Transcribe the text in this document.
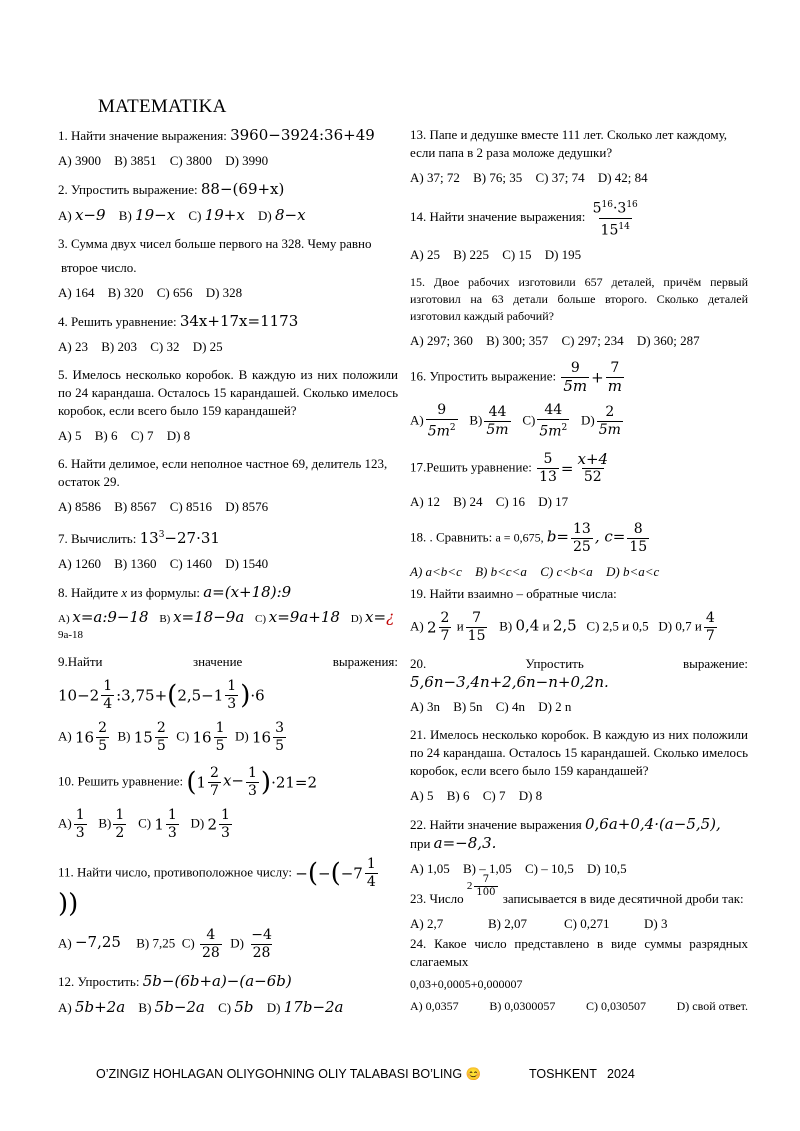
MATEMATIKA
1. Найти значение выражения: 3960−3924:36+49
A) 3900 B) 3851 C) 3800 D) 3990
2. Упростить выражение: 88−(69+x)
A) x−9 B) 19−x C) 19+x D) 8−x
3. Сумма двух чисел больше первого на 328. Чему равно
второе число.
A) 164 B) 320 C) 656 D) 328
4. Решить уравнение: 34x+17x=1173
A) 23 B) 203 C) 32 D) 25
5. Имелось несколько коробок. В каждую из них положили по 24 карандаша. Осталось 15 карандашей. Сколько имелось коробок, если всего было 159 карандашей?
A) 5 B) 6 C) 7 D) 8
6. Найти делимое, если неполное частное 69, делитель 123, остаток 29.
A) 8586 B) 8567 C) 8516 D) 8576
7. Вычислить: $13^3-27\cdot 31$
A) 1260 B) 1360 C) 1460 D) 1540
8. Найдите x из формулы: a=(x+18):9
A) x=a:9−18 B) x=18−9a C) x=9a+18 D) x=¿
9a-18
9.Найти	значение	выражения:
$10-2 \frac{1}{4}$ :3,75+(2,5−1 $\frac{1}{3} )\cdot 6$
A) $16 \frac{2}{5} B$) $15 \frac{2}{5} C$) $16 \frac{1}{5} D$) $16 \frac{3}{5}$
10. Решить уравнение: $(1 \frac{2}{7} x- \frac{1}{3} )\cdot 21=2$
$A) \frac{1}{3} B) \frac{1}{2} C$) $1 \frac{1}{3} D$) $2 \frac{1}{3}$
11. Найти число, противоположное числу: $-(-(-7 \frac{1}{4}$
))
A) −7,25 B) 7,25 $C) \frac{4}{28} D) \frac{-4}{28}$
12. Упростить: 5b−(6b+a)−(a−6b)
A) 5b+2a B) 5b−2a C) 5b D) 17b−2a
13. Папе и дедушке вместе 111 лет. Сколько лет каждому, если папа в 2 раза моложе дедушки?
A) 37; 72 B) 76; 35 C) 37; 74 D) 42; 84
14. Найти значение выражения: $\frac{5^{16}\cdot 3^{16}}{15^{14}}$
A) 25 B) 225 C) 15 D) 195
15. Двое рабочих изготовили 657 деталей, причём первый изготовил на 63 детали больше второго. Сколько деталей изготовил каждый рабочий?
A) 297; 360 B) 300; 357 C) 297; 234 D) 360; 287
16. Упростить выражение: $\frac{9}{5m} + \frac{7}{m}$
$A) \frac{9}{5m^2} B) \frac{44}{5m} C) \frac{44}{5m^2} D) \frac{2}{5m}$
17.Решить уравнение: $\frac{5}{13} = \frac{x+4}{52}$
A) 12 B) 24 C) 16 D) 17
18. . Сравнить: a = 0,675, $b= \frac{13}{25}$ , $c= \frac{8}{15}$
A) a<b<c B) b<c<a C) c<b<a D) b<a<c
19. Найти взаимно – обратные числа:
A) $2 \frac{2}{7}$ и $\frac{7}{15} B$) 0,4 и 2,5 C) 2,5 и 0,5 D) 0,7 и $\frac{4}{7}$
20.	Упростить	выражение:
5,6n−3,4n+2,6n−n+0,2n.
A) 3n B) 5n C) 4n D) 2 n
21. Имелось несколько коробок. В каждую из них положили по 24 карандаша. Осталось 15 карандашей. Сколько имелось коробок, если всего было 159 карандашей?
A) 5 B) 6 C) 7 D) 8
22. Найти значение выражения 0,6a+0,4·(a−5,5),
при a=−8,3.
A) 1,05 B) – 1,05 C) – 10,5 D) 10,5
23. Число $^{2 \frac{7}{100}}$ записывается в виде десятичной дроби так:
A) 2,7	B) 2,07	C) 0,271	D) 3
24. Какое число представлено в виде суммы разрядных слагаемых
0,03+0,0005+0,000007
A) 0,0357	B) 0,0300057	C) 0,030507	D) свой ответ.
O’ZINGIZ HOHLAGAN OLIYGOHNING OLIY TALABASI BO’LING 😊	TOSHKENT   2024
